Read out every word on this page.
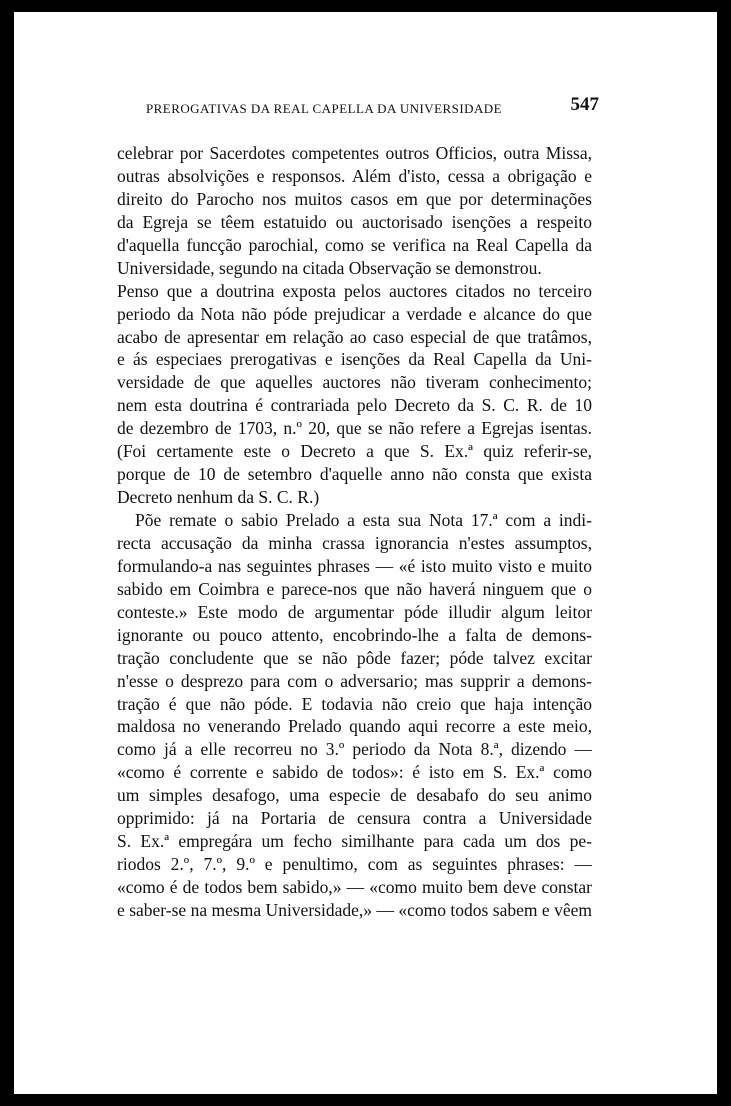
PREROGATIVAS DA REAL CAPELLA DA UNIVERSIDADE	547
celebrar por Sacerdotes competentes outros Officios, outra Missa,
outras absolvições e responsos. Além d'isto, cessa a obrigação e
direito do Parocho nos muitos casos em que por determinações
da Egreja se têem estatuido ou auctorisado isenções a respeito
d'aquella funcção parochial, como se verifica na Real Capella da
Universidade, segundo na citada Observação se demonstrou.
Penso que a doutrina exposta pelos auctores citados no terceiro
periodo da Nota não póde prejudicar a verdade e alcance do que
acabo de apresentar em relação ao caso especial de que tratâmos,
e ás especiaes prerogativas e isenções da Real Capella da Uni-
versidade de que aquelles auctores não tiveram conhecimento;
nem esta doutrina é contrariada pelo Decreto da S. C. R. de 10
de dezembro de 1703, n.º 20, que se não refere a Egrejas isentas.
(Foi certamente este o Decreto a que S. Ex.ª quiz referir-se,
porque de 10 de setembro d'aquelle anno não consta que exista
Decreto nenhum da S. C. R.)
Põe remate o sabio Prelado a esta sua Nota 17.ª com a indi-
recta accusação da minha crassa ignorancia n'estes assumptos,
formulando-a nas seguintes phrases — «é isto muito visto e muito
sabido em Coimbra e parece-nos que não haverá ninguem que o
conteste.» Este modo de argumentar póde illudir algum leitor
ignorante ou pouco attento, encobrindo-lhe a falta de demons-
tração concludente que se não pôde fazer; póde talvez excitar
n'esse o desprezo para com o adversario; mas supprir a demons-
tração é que não póde. E todavia não creio que haja intenção
maldosa no venerando Prelado quando aqui recorre a este meio,
como já a elle recorreu no 3.º periodo da Nota 8.ª, dizendo —
«como é corrente e sabido de todos»: é isto em S. Ex.ª como
um simples desafogo, uma especie de desabafo do seu animo
opprimido: já na Portaria de censura contra a Universidade
S. Ex.ª empregára um fecho similhante para cada um dos pe-
riodos 2.º, 7.º, 9.º e penultimo, com as seguintes phrases: —
«como é de todos bem sabido,» — «como muito bem deve constar
e saber-se na mesma Universidade,» — «como todos sabem e vêem
